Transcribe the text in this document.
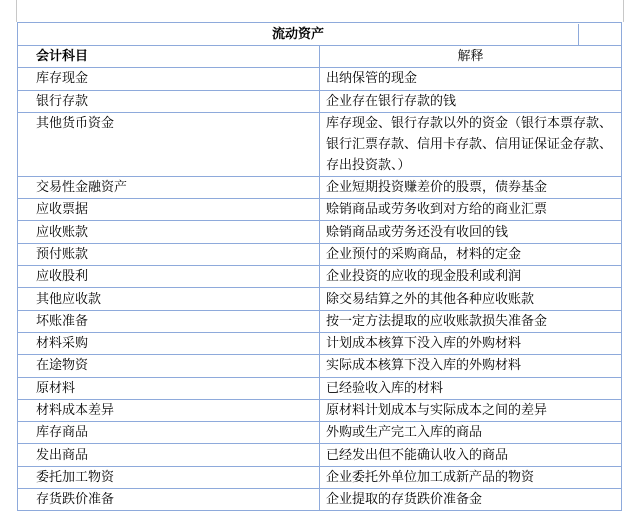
流动资产	

会计科目	解释
库存现金	出纳保管的现金
银行存款	企业存在银行存款的钱
其他货币资金	库存现金、银行存款以外的资金（银行本票存款、银行汇票存款、信用卡存款、信用证保证金存款、存出投资款、）
交易性金融资产	企业短期投资赚差价的股票，债券基金
应收票据	赊销商品或劳务收到对方给的商业汇票
应收账款	赊销商品或劳务还没有收回的钱
预付账款	企业预付的采购商品，材料的定金
应收股利	企业投资的应收的现金股利或利润
其他应收款	除交易结算之外的其他各种应收账款
坏账准备	按一定方法提取的应收账款损失准备金
材料采购	计划成本核算下没入库的外购材料
在途物资	实际成本核算下没入库的外购材料
原材料	已经验收入库的材料
材料成本差异	原材料计划成本与实际成本之间的差异
库存商品	外购或生产完工入库的商品
发出商品	已经发出但不能确认收入的商品
委托加工物资	企业委托外单位加工成新产品的物资
存货跌价准备	企业提取的存货跌价准备金
